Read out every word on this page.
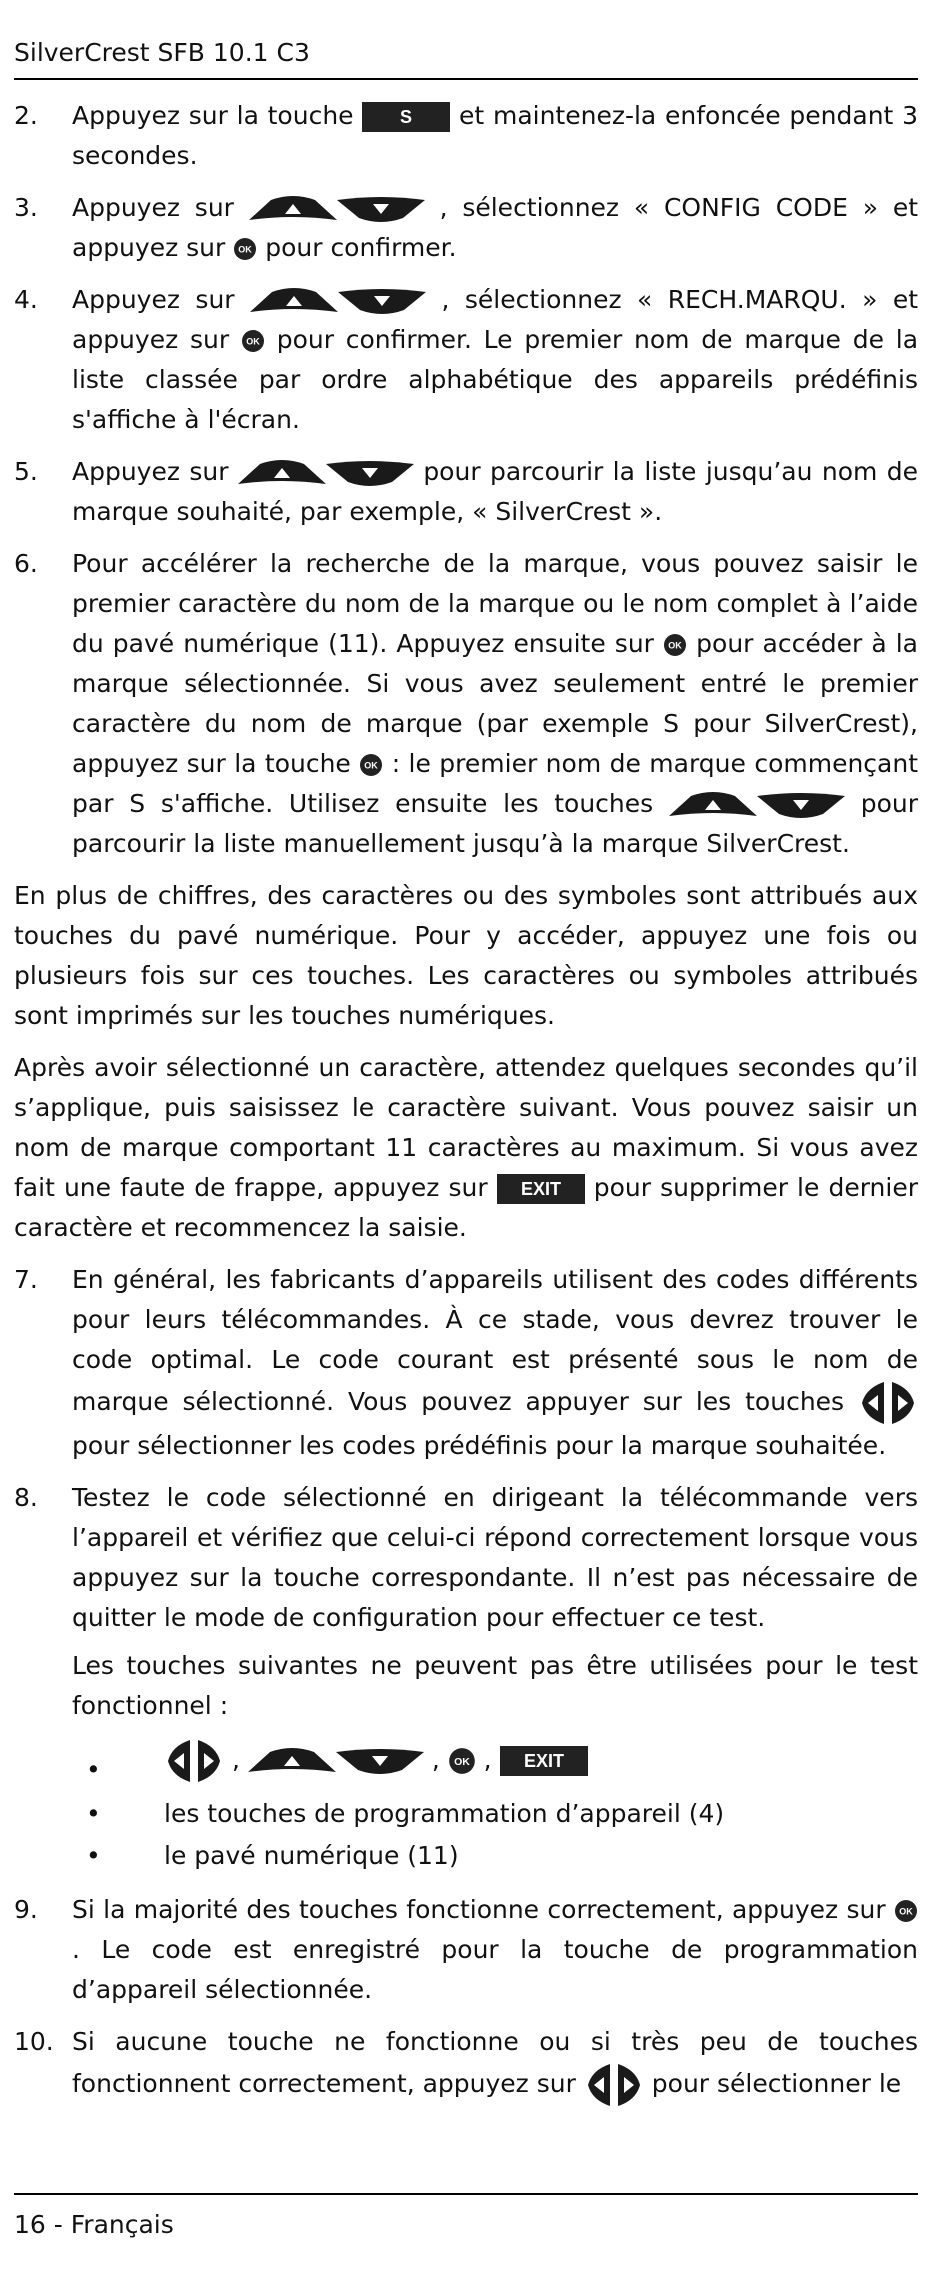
SilverCrest SFB 10.1 C3
2. Appuyez sur la touche	S et maintenez-la enfoncée pendant 3 secondes.
3. Appuyez sur	, sélectionnez « CONFIG CODE » et appuyez sur OK pour confirmer.
4. Appuyez sur	, sélectionnez « RECH.MARQU. » et appuyez sur OK pour confirmer. Le premier nom de marque de la liste classée par ordre alphabétique des appareils prédéfinis s'affiche à l'écran.
5. Appuyez sur	pour parcourir la liste jusqu’au nom de marque souhaité, par exemple, « SilverCrest ».
6. Pour accélérer la recherche de la marque, vous pouvez saisir le premier caractère du nom de la marque ou le nom complet à l’aide du pavé numérique (11). Appuyez ensuite sur OK pour accéder à la marque sélectionnée. Si vous avez seulement entré le premier caractère du nom de marque (par exemple S pour SilverCrest), appuyez sur la touche OK : le premier nom de marque commençant par S s'affiche. Utilisez ensuite les touches	pour parcourir la liste manuellement jusqu’à la marque SilverCrest.
En plus de chiffres, des caractères ou des symboles sont attribués aux touches du pavé numérique. Pour y accéder, appuyez une fois ou plusieurs fois sur ces touches. Les caractères ou symboles attribués sont imprimés sur les touches numériques.
Après avoir sélectionné un caractère, attendez quelques secondes qu’il s’applique, puis saisissez le caractère suivant. Vous pouvez saisir un nom de marque comportant 11 caractères au maximum. Si vous avez fait une faute de frappe, appuyez sur EXIT pour supprimer le dernier caractère et recommencez la saisie.
7. En général, les fabricants d’appareils utilisent des codes différents pour leurs télécommandes. À ce stade, vous devrez trouver le code optimal. Le code courant est présenté sous le nom de marque sélectionné. Vous pouvez appuyer sur les touches  pour sélectionner les codes prédéfinis pour la marque souhaitée.
8. Testez le code sélectionné en dirigeant la télécommande vers l’appareil et vérifiez que celui-ci répond correctement lorsque vous appuyez sur la touche correspondante. Il n’est pas nécessaire de quitter le mode de configuration pour effectuer ce test.
Les touches suivantes ne peuvent pas être utilisées pour le test fonctionnel :
•	,	, OK , EXIT
•	les touches de programmation d’appareil (4)
•	le pavé numérique (11)
9. Si la majorité des touches fonctionne correctement, appuyez sur OK
. Le code est enregistré pour la touche de programmation d’appareil sélectionnée.
10. Si aucune touche ne fonctionne ou si très peu de touches fonctionnent correctement, appuyez sur	pour sélectionner le
16 - Français
